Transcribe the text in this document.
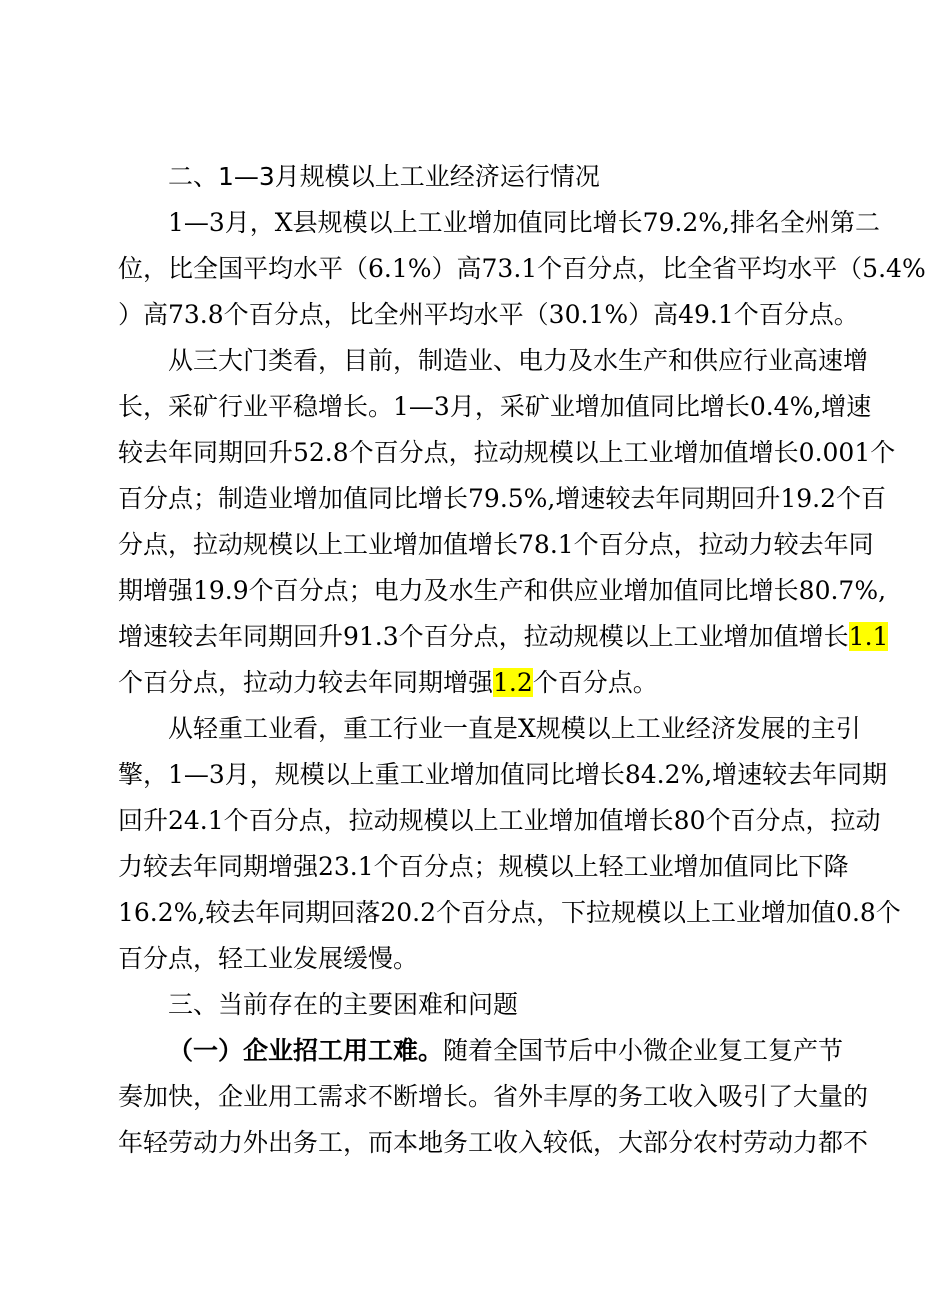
二、1—3月规模以上工业经济运行情况
1—3月，X县规模以上工业增加值同比增长79.2%,排名全州第二
位，比全国平均水平（6.1%）高73.1个百分点，比全省平均水平（5.4%
）高73.8个百分点，比全州平均水平（30.1%）高49.1个百分点。
从三大门类看，目前，制造业、电力及水生产和供应行业高速增
长，采矿行业平稳增长。1—3月，采矿业增加值同比增长0.4%,增速
较去年同期回升52.8个百分点，拉动规模以上工业增加值增长0.001个
百分点；制造业增加值同比增长79.5%,增速较去年同期回升19.2个百
分点，拉动规模以上工业增加值增长78.1个百分点，拉动力较去年同
期增强19.9个百分点；电力及水生产和供应业增加值同比增长80.7%,
增速较去年同期回升91.3个百分点，拉动规模以上工业增加值增长1.1
个百分点，拉动力较去年同期增强1.2个百分点。
从轻重工业看，重工行业一直是X规模以上工业经济发展的主引
擎，1—3月，规模以上重工业增加值同比增长84.2%,增速较去年同期
回升24.1个百分点，拉动规模以上工业增加值增长80个百分点，拉动
力较去年同期增强23.1个百分点；规模以上轻工业增加值同比下降
16.2%,较去年同期回落20.2个百分点，下拉规模以上工业增加值0.8个
百分点，轻工业发展缓慢。
三、当前存在的主要困难和问题
（一）企业招工用工难。随着全国节后中小微企业复工复产节
奏加快，企业用工需求不断增长。省外丰厚的务工收入吸引了大量的
年轻劳动力外出务工，而本地务工收入较低，大部分农村劳动力都不
